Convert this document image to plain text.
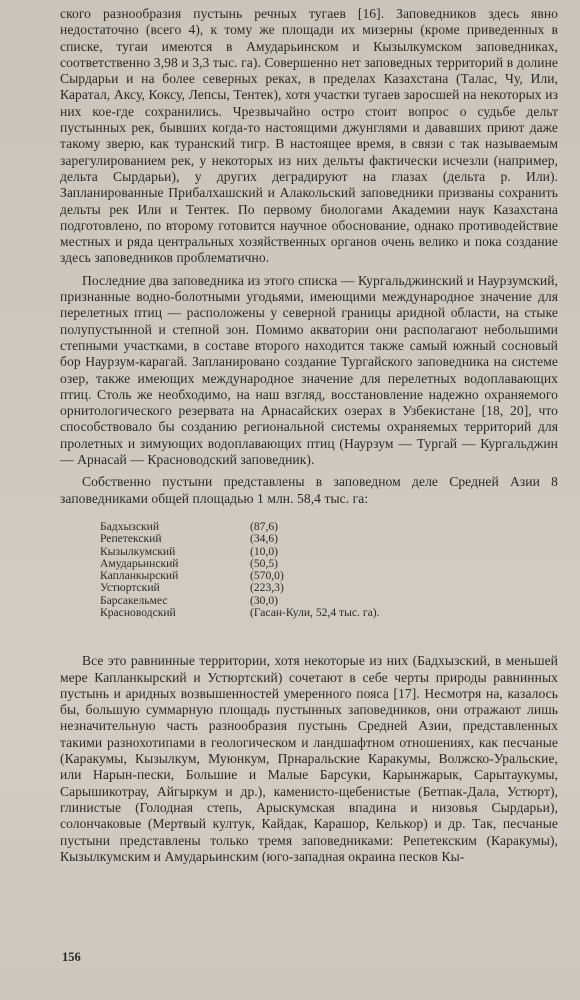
ского разнообразия пустынь речных тугаев [16]. Заповедников здесь явно недостаточно (всего 4), к тому же площади их мизерны (кроме приведенных в списке, тугаи имеются в Амударьинском и Кызылкумском заповедниках, соответственно 3,98 и 3,3 тыс. га). Совершенно нет заповедных территорий в долине Сырдарьи и на более северных реках, в пределах Казахстана (Талас, Чу, Или, Каратал, Аксу, Коксу, Лепсы, Тентек), хотя участки тугаев заросшей на некоторых из них кое-где сохранились. Чрезвычайно остро стоит вопрос о судьбе дельт пустынных рек, бывших когда-то настоящими джунглями и дававших приют даже такому зверю, как туранский тигр. В настоящее время, в связи с так называемым зарегулированием рек, у некоторых из них дельты фактически исчезли (например, дельта Сырдарьи), у других деградируют на глазах (дельта р. Или). Запланированные Прибалхашский и Алакольский заповедники призваны сохранить дельты рек Или и Тентек. По первому биологами Академии наук Казахстана подготовлено, по второму готовится научное обоснование, однако противодействие местных и ряда центральных хозяйственных органов очень велико и пока создание здесь заповедников проблематично.

Последние два заповедника из этого списка — Кургальджинский и Наурзумский, признанные водно-болотными угодьями, имеющими международное значение для перелетных птиц — расположены у северной границы аридной области, на стыке полупустынной и степной зон. Помимо акватории они располагают небольшими степными участками, в составе второго находится также самый южный сосновый бор Наурзум-карагай. Запланировано создание Тургайского заповедника на системе озер, также имеющих международное значение для перелетных водоплавающих птиц. Столь же необходимо, на наш взгляд, восстановление надежно охраняемого орнитологического резервата на Арнасайских озерах в Узбекистане [18, 20], что способствовало бы созданию региональной системы охраняемых территорий для пролетных и зимующих водоплавающих птиц (Наурзум — Тургай — Кургальджин — Арнасай — Красноводский заповедник).

Собственно пустыни представлены в заповедном деле Средней Азии 8 заповедниками общей площадью 1 млн. 58,4 тыс. га:

Бадхызский	(87,6)
Репетекский	(34,6)
Кызылкумский	(10,0)
Амударьинский	(50,5)
Капланкырский	(570,0)
Устюртский	(223,3)
Барсакельмес	(30,0)
Красноводский	(Гасан-Кули, 52,4 тыс. га).

Все это равнинные территории, хотя некоторые из них (Бадхызский, в меньшей мере Капланкырский и Устюртский) сочетают в себе черты природы равнинных пустынь и аридных возвышенностей умеренного пояса [17]. Несмотря на, казалось бы, большую суммарную площадь пустынных заповедников, они отражают лишь незначительную часть разнообразия пустынь Средней Азии, представленных такими разнохотипами в геологическом и ландшафтном отношениях, как песчаные (Каракумы, Кызылкум, Муюнкум, Прнаральские Каракумы, Волжско-Уральские, или Нарын-пески, Большие и Малые Барсуки, Карынжарык, Сарытаукумы, Сарышикотрау, Айгыркум и др.), каменисто-щебенистые (Бетпак-Дала, Устюрт), глинистые (Голодная степь, Арыскумская впадина и низовья Сырдарьи), солончаковые (Мертвый култук, Кайдак, Карашор, Келькор) и др. Так, песчаные пустыни представлены только тремя заповедниками: Репетекским (Каракумы), Кызылкумским и Амударьинским (юго-западная окраина песков Кы-

156
